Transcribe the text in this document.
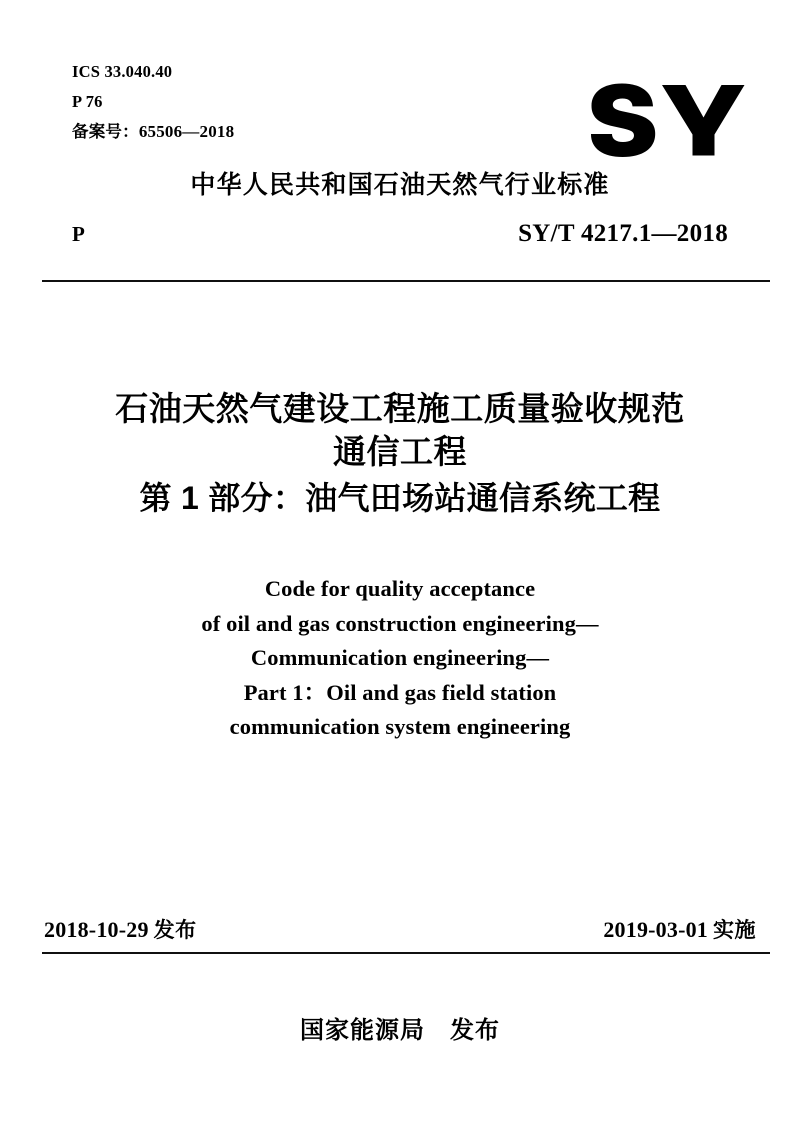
ICS 33.040.40
P 76
备案号：65506—2018
中华人民共和国石油天然气行业标准
P	SY/T 4217.1—2018
石油天然气建设工程施工质量验收规范
通信工程
第 1 部分：油气田场站通信系统工程
Code for quality acceptance
of oil and gas construction engineering—
Communication engineering—
Part 1：Oil and gas field station
communication system engineering
2018-10-29 发布	2019-03-01 实施
国家能源局　发布
